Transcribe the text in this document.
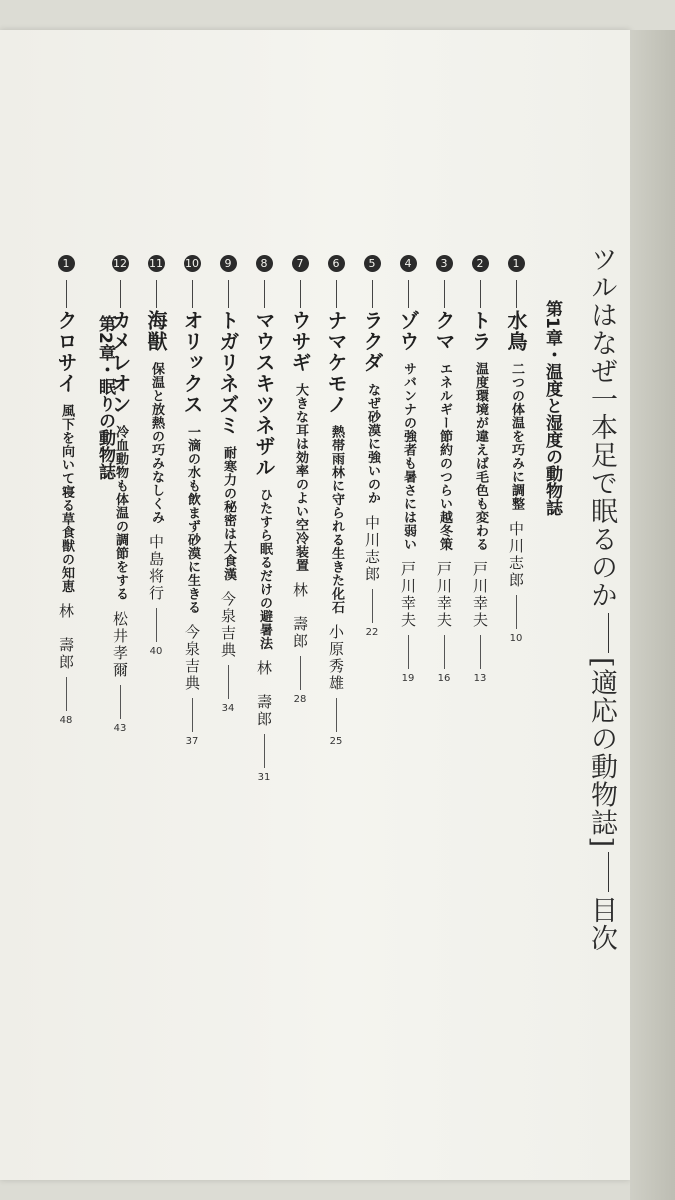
ツルはなぜ一本足で眠るのか[適応の動物誌]目次
第1章・温度と湿度の動物誌
第2章・眠りの動物誌
1水鳥二つの体温を巧みに調整中川志郎10
2トラ温度環境が違えば毛色も変わる戸川幸夫13
3クマエネルギー節約のつらい越冬策戸川幸夫16
4ゾウサバンナの強者も暑さには弱い戸川幸夫19
5ラクダなぜ砂漠に強いのか中川志郎22
6ナマケモノ熱帯雨林に守られる生きた化石小原秀雄25
7ウサギ大きな耳は効率のよい空冷装置林　壽郎28
8マウスキツネザルひたすら眠るだけの避暑法林　壽郎31
9トガリネズミ耐寒力の秘密は大食漢今泉吉典34
10オリックス一滴の水も飲まず砂漠に生きる今泉吉典37
11海獣保温と放熱の巧みなしくみ中島将行40
12カメレオン冷血動物も体温の調節をする松井孝爾43
1クロサイ風下を向いて寝る草食獣の知恵林　壽郎48
